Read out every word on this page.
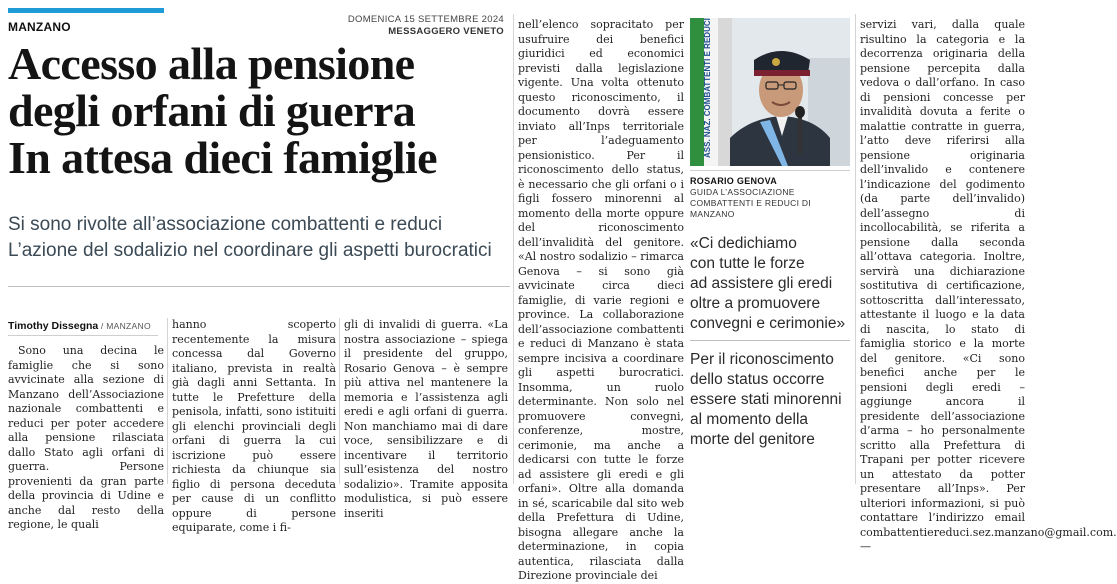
MANZANO
DOMENICA 15 SETTEMBRE 2024
MESSAGGERO VENETO
Accesso alla pensione
degli orfani di guerra
In attesa dieci famiglie
Si sono rivolte all’associazione combattenti e reduci
L’azione del sodalizio nel coordinare gli aspetti burocratici
Timothy Dissegna / MANZANO

Sono una decina le famiglie che si sono avvicinate alla sezione di Manzano dell’Associazione nazionale combattenti e reduci per poter accedere alla pensione rilasciata dallo Stato agli orfani di guerra. Persone provenienti da gran parte della provincia di Udine e anche dal resto della regione, le quali

hanno scoperto recentemente la misura concessa dal Governo italiano, prevista in realtà già dagli anni Settanta. In tutte le Prefetture della penisola, infatti, sono istituiti gli elenchi provinciali degli orfani di guerra la cui iscrizione può essere richiesta da chiunque sia figlio di persona deceduta per cause di un conflitto oppure di persone equiparate, come i fi-

gli di invalidi di guerra. «La nostra associazione – spiega il presidente del gruppo, Rosario Genova – è sempre più attiva nel mantenere la memoria e l’assistenza agli eredi e agli orfani di guerra. Non manchiamo mai di dare voce, sensibilizzare e di incentivare il territorio sull’esistenza del nostro sodalizio». Tramite apposita modulistica, si può essere inseriti

nell’elenco sopracitato per usufruire dei benefici giuridici ed economici previsti dalla legislazione vigente. Una volta ottenuto questo riconoscimento, il documento dovrà essere inviato all’Inps territoriale per l’adeguamento pensionistico. Per il riconoscimento dello status, è necessario che gli orfani o i figli fossero minorenni al momento della morte oppure del riconoscimento dell’invalidità del genitore. «Al nostro sodalizio – rimarca Genova – si sono già avvicinate circa dieci famiglie, di varie regioni e province. La collaborazione dell’associazione combattenti e reduci di Manzano è stata sempre incisiva a coordinare gli aspetti burocratici. Insomma, un ruolo determinante. Non solo nel promuovere convegni, conferenze, mostre, cerimonie, ma anche a dedicarsi con tutte le forze ad assistere gli eredi e gli orfani». Oltre alla domanda in sé, scaricabile dal sito web della Prefettura di Udine, bisogna allegare anche la determinazione, in copia autentica, rilasciata dalla Direzione provinciale dei

ASS. NAZ. COMBATTENTI E REDUCI
ROSARIO GENOVA
GUIDA L’ASSOCIAZIONE COMBATTENTI E REDUCI DI MANZANO
«Ci dedichiamo
con tutte le forze
ad assistere gli eredi
oltre a promuovere
convegni e cerimonie»
Per il riconoscimento
dello status occorre
essere stati minorenni
al momento della
morte del genitore

servizi vari, dalla quale risultino la categoria e la decorrenza originaria della pensione percepita dalla vedova o dall’orfano. In caso di pensioni concesse per invalidità dovuta a ferite o malattie contratte in guerra, l’atto deve riferirsi alla pensione originaria dell’invalido e contenere l’indicazione del godimento (da parte dell’invalido) dell’assegno di incollocabilità, se riferita a pensione dalla seconda all’ottava categoria. Inoltre, servirà una dichiarazione sostitutiva di certificazione, sottoscritta dall’interessato, attestante il luogo e la data di nascita, lo stato di famiglia storico e la morte del genitore. «Ci sono benefici anche per le pensioni degli eredi – aggiunge ancora il presidente dell’associazione d’arma – ho personalmente scritto alla Prefettura di Trapani per potter ricevere un attestato da potter presentare all’Inps». Per ulteriori informazioni, si può contattare l’indirizzo email combattentiereduci.sez.manzano@gmail.com. —
